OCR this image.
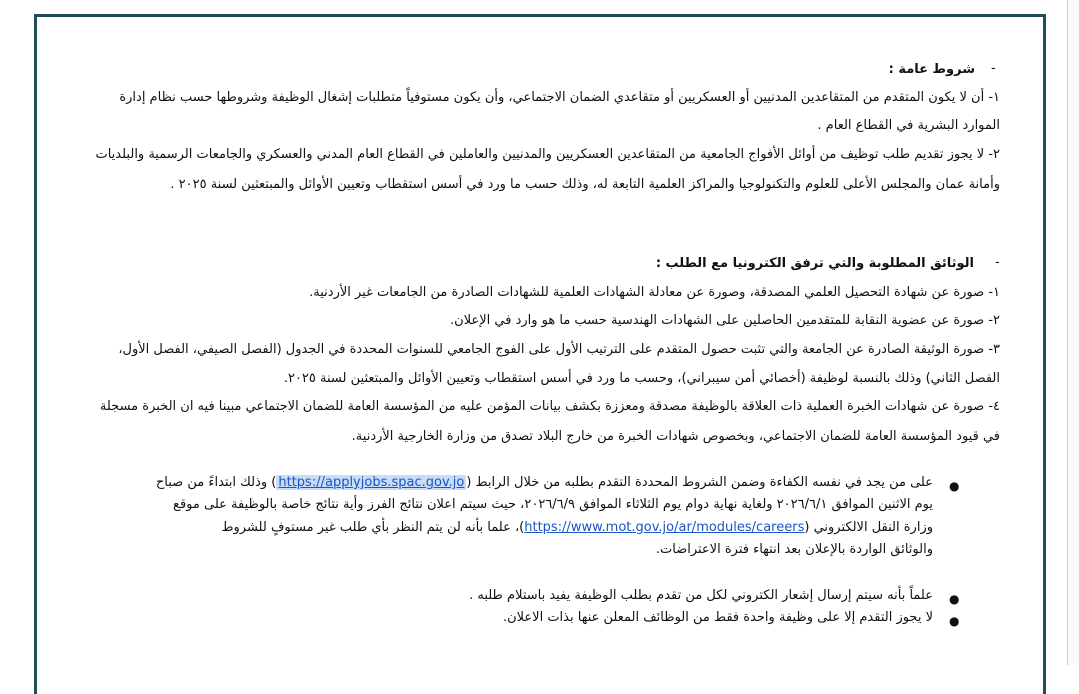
-
شروط عامة :
١- أن لا يكون المتقدم من المتقاعدين المدنيين أو العسكريين أو متقاعدي الضمان الاجتماعي، وأن يكون مستوفياً متطلبات إشغال الوظيفة وشروطها حسب نظام إدارة
الموارد البشرية في القطاع العام .
٢- لا يجوز تقديم طلب توظيف من أوائل الأفواج الجامعية من المتقاعدين العسكريين والمدنيين والعاملين في القطاع العام المدني والعسكري والجامعات الرسمية والبلديات
وأمانة عمان والمجلس الأعلى للعلوم والتكنولوجيا والمراكز العلمية التابعة له، وذلك حسب ما ورد في أسس استقطاب وتعيين الأوائل والمبتعثين لسنة ٢٠٢٥ .
-
الوثائق المطلوبة والتي ترفق الكترونيا مع الطلب :
١- صورة عن شهادة التحصيل العلمي المصدقة، وصورة عن معادلة الشهادات العلمية للشهادات الصادرة من الجامعات غير الأردنية.
٢- صورة عن عضوية النقابة للمتقدمين الحاصلين على الشهادات الهندسية حسب ما هو وارد في الإعلان.
٣- صورة الوثيقة الصادرة عن الجامعة والتي تثبت حصول المتقدم على الترتيب الأول على الفوج الجامعي للسنوات المحددة في الجدول (الفصل الصيفي، الفصل الأول،
الفصل الثاني) وذلك بالنسبة لوظيفة (أخصائي أمن سيبراني)، وحسب ما ورد في أسس استقطاب وتعيين الأوائل والمبتعثين لسنة ٢٠٢٥.
٤- صورة عن شهادات الخبرة العملية ذات العلاقة بالوظيفة مصدقة ومعززة بكشف بيانات المؤمن عليه من المؤسسة العامة للضمان الاجتماعي مبينا فيه ان الخبرة مسجلة
في قيود المؤسسة العامة للضمان الاجتماعي، وبخصوص شهادات الخبرة من خارج البلاد تصدق من وزارة الخارجية الأردنية.
●
على من يجد في نفسه الكفاءة وضمن الشروط المحددة التقدم بطلبه من خلال الرابط (https://applyjobs.spac.gov.jo) وذلك ابتداءً من صباح
يوم الاثنين الموافق ٢٠٢٦/٦/١ ولغاية نهاية دوام يوم الثلاثاء الموافق ٢٠٢٦/٦/٩، حيث سيتم اعلان نتائج الفرز وأية نتائج خاصة بالوظيفة على موقع
وزارة النقل الالكتروني (https://www.mot.gov.jo/ar/modules/careers)، علما بأنه لن يتم النظر بأي طلب غير مستوفٍ للشروط
والوثائق الواردة بالإعلان بعد انتهاء فترة الاعتراضات.
●
علماً بأنه سيتم إرسال إشعار الكتروني لكل من تقدم بطلب الوظيفة يفيد باستلام طلبه .
●
لا يجوز التقدم إلا على وظيفة واحدة فقط من الوظائف المعلن عنها بذات الاعلان.
